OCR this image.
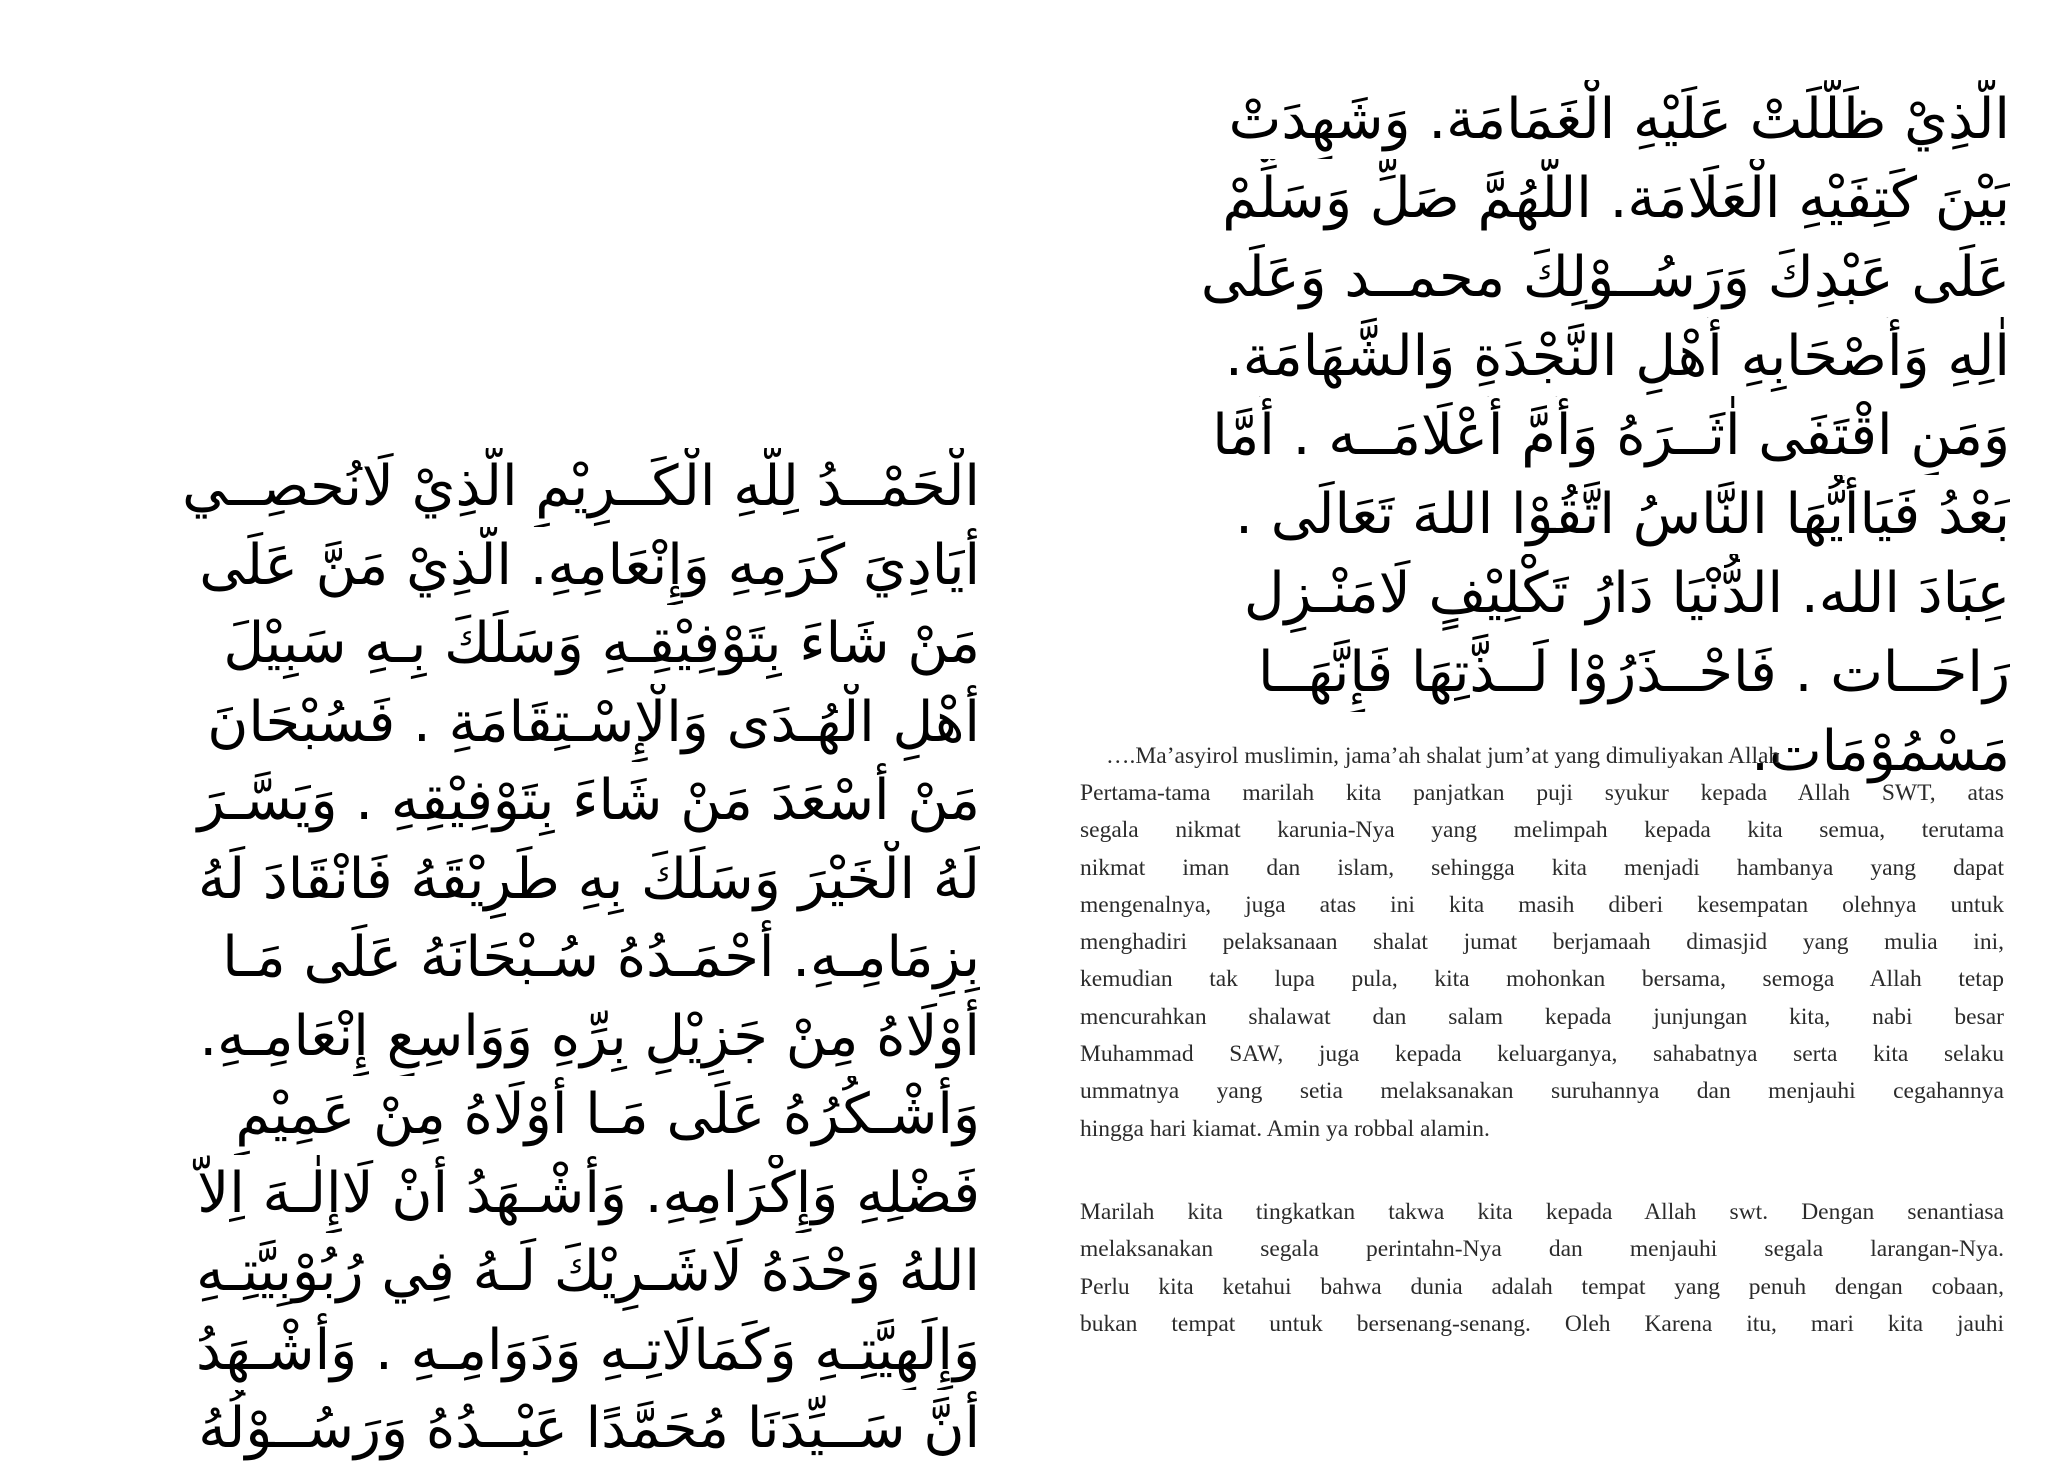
الْحَمْــدُ لِلَّهِ الْكَــرِيْمِ الَّذِيْ لَانُحصِــي
أَيَادِيَ كَرَمِهِ وَإِنْعَامِهِ. الَّذِيْ مَنَّ عَلَى
مَنْ شَاءَ بِتَوْفِيْقِـهِ وَسَلَكَ بِـهِ سَبِيْلَ
أَهْلِ الْهُـدَى وَالْإِسْـتِقَامَةِ . فَسُبْحَانَ
مَنْ أَسْعَدَ مَنْ شَاءَ بِتَوْفِيْقِهِ . وَيَسَّـرَ
لَهُ الْخَيْرَ وَسَلَكَ بِهِ طَرِيْقَهُ فَانْقَادَ لَهُ
بِزِمَامِـهِ. أَحْمَـدُهُ سُـبْحَانَهُ عَلَى مَـا
أَوْلَاهُ مِنْ جَزِيْلِ بِرِّهِ وَوَاسِعِ إِنْعَامِـهِ.
وَأَشْـكُرُهُ عَلَى مَـا أَوْلَاهُ مِنْ عَمِيْمِ
فَضْلِهِ وَإِكْرَامِهِ. وَأَشْـهَدُ أَنْ لَاإِلٰـهَ اِلاَّ
اللهُ وَحْدَهُ لَاشَـرِيْكَ لَـهُ فِي رُبُوْبِيَّتِـهِ
وَإِلَهِيَّتِـهِ وَكَمَالَاتِـهِ وَدَوَامِـهِ . وَأَشْـهَدُ
أَنَّ سَــيِّدَنَا مُحَمَّدًا عَبْــدُهُ وَرَسُــوْلُهُ
الَّذِيْ ظَلَّلَتْ عَلَيْهِ الْغَمَامَة. وَشَهِدَتْ
بَيْنَ كَتِفَيْهِ الْعَلَامَة. اللَّهُمَّ صَلِّ وَسَلِّمْ
عَلَى عَبْدِكَ وَرَسُــوْلِكَ محمــد وَعَلَى
اٰلِهِ وَأَصْحَابِهِ أَهْلِ النَّجْدَةِ وَالشَّهَامَة.
وَمَنِ اقْتَفَى اٰثَــرَهُ وَأَمَّ أَعْلَامَــه . أَمَّا
بَعْدُ فَيَاأَيُّهَا النَّاسُ اتَّقُوْا اللهَ تَعَالَى .
عِبَادَ الله. الدُّنْيَا دَارُ تَكْلِيْفٍ لَامَنْـزِل
رَاحَــات . فَاحْــذَرُوْا لَــذَّتِهَا فَإِنَّهَــا
مَسْمُوْمَات.
….Ma’asyirol muslimin, jama’ah shalat jum’at yang dimuliyakan Allah
Pertama-tama marilah kita panjatkan puji syukur kepada Allah SWT, atas
segala nikmat karunia-Nya yang melimpah kepada kita semua, terutama
nikmat iman dan islam, sehingga kita menjadi hambanya yang dapat
mengenalnya, juga atas ini kita masih diberi kesempatan olehnya untuk
menghadiri pelaksanaan shalat jumat berjamaah dimasjid yang mulia ini,
kemudian tak lupa pula, kita mohonkan bersama, semoga Allah tetap
mencurahkan shalawat dan salam kepada junjungan kita, nabi besar
Muhammad SAW, juga kepada keluarganya, sahabatnya serta kita selaku
ummatnya yang setia melaksanakan suruhannya dan menjauhi cegahannya
hingga hari kiamat. Amin ya robbal alamin.
Marilah kita tingkatkan takwa kita kepada Allah swt. Dengan senantiasa
melaksanakan segala perintahn-Nya dan menjauhi segala larangan-Nya.
Perlu kita ketahui bahwa dunia adalah tempat yang penuh dengan cobaan,
bukan tempat untuk bersenang-senang. Oleh Karena itu, mari kita jauhi
